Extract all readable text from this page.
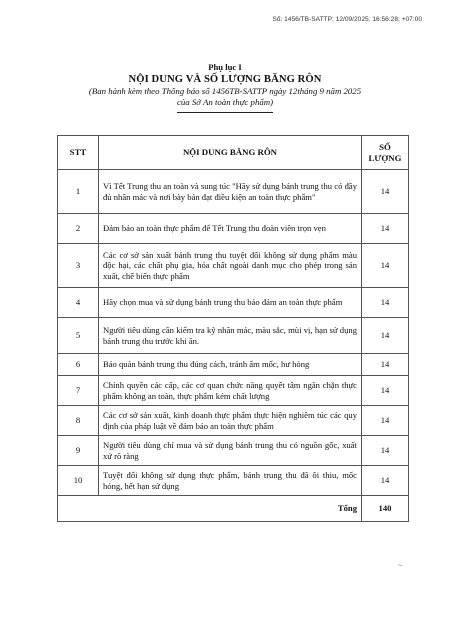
Số: 1456/TB-SATTP; 12/09/2025; 16:56:28; +07:00
Phụ lục I
NỘI DUNG VÀ SỐ LƯỢNG BĂNG RÔN
(Ban hành kèm theo Thông báo số 1456TB-SATTP ngày 12tháng 9 năm 2025
của Sở An toàn thực phẩm)
STT	NỘI DUNG BĂNG RÔN	SỐ LƯỢNG
1	Vì Tết Trung thu an toàn và sung túc "Hãy sử dụng bánh trung thu có đầy đủ nhãn mác và nơi bày bán đạt điều kiện an toàn thực phẩm"	14
2	Đảm bảo an toàn thực phẩm để Tết Trung thu đoàn viên trọn vẹn	14
3	Các cơ sở sản xuất bánh trung thu tuyệt đối không sử dụng phẩm màu độc hại, các chất phụ gia, hóa chất ngoài danh mục cho phép trong sản xuất, chế biến thực phẩm	14
4	Hãy chọn mua và sử dụng bánh trung thu bảo đảm an toàn thực phẩm	14
5	Người tiêu dùng cần kiểm tra kỹ nhãn mác, màu sắc, mùi vị, hạn sử dụng bánh trung thu trước khi ăn.	14
6	Bảo quản bánh trung thu đúng cách, tránh ẩm mốc, hư hỏng	14
7	Chính quyền các cấp, các cơ quan chức năng quyết tâm ngăn chặn thực phẩm không an toàn, thực phẩm kém chất lượng	14
8	Các cơ sở sản xuất, kinh doanh thực phẩm thực hiện nghiêm túc các quy định của pháp luật về đảm bảo an toàn thực phẩm	14
9	Người tiêu dùng chỉ mua và sử dụng bánh trung thu có nguồn gốc, xuất xứ rõ ràng	14
10	Tuyệt đối không sử dụng thực phẩm, bánh trung thu đã ôi thiu, mốc hỏng, hết hạn sử dụng	14
Tổng		140
~
